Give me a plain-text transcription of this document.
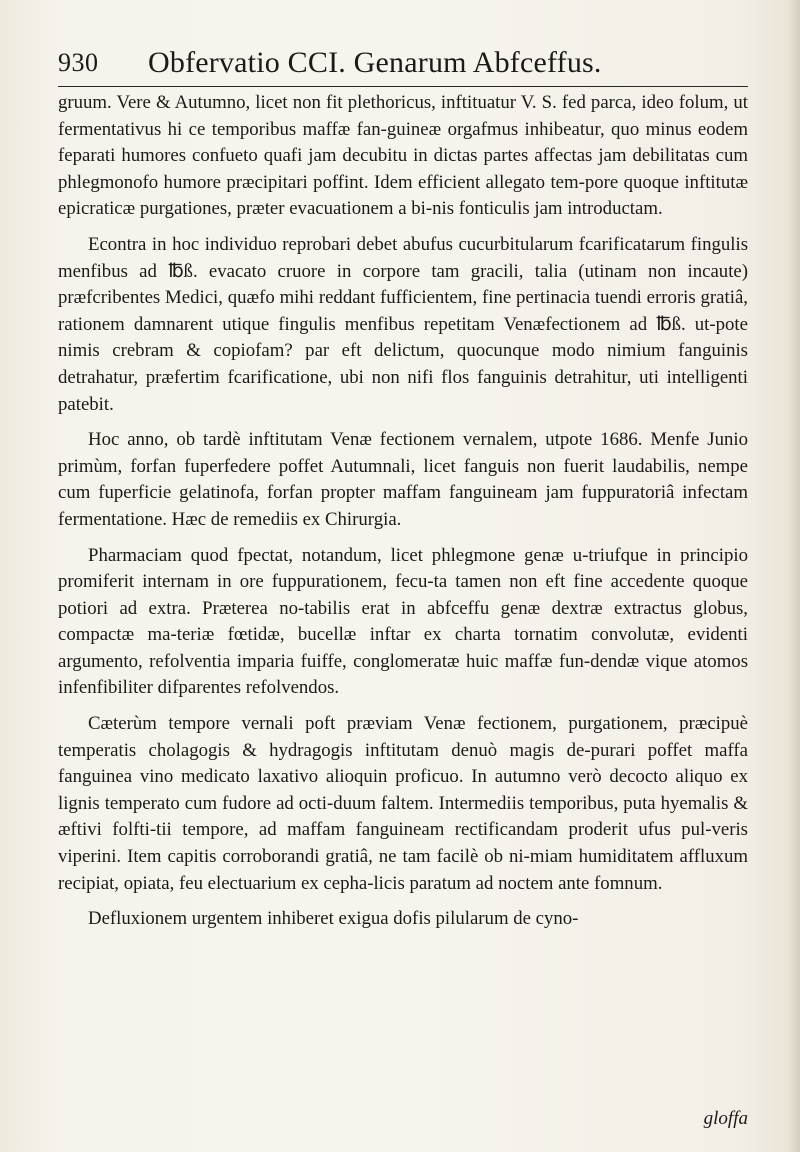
930 Obfervatio CCI. Genarum Abfceffus.

gruum. Vere & Autumno, licet non fit plethoricus, inftituatur V. S. fed parca, ideo folum, ut fermentativus hi ce temporibus maffæ fan-guineæ orgafmus inhibeatur, quo minus eodem feparati humores confueto quafi jam decubitu in dictas partes affectas jam debilitatas cum phlegmonofo humore præcipitari poffint. Idem efficient allegato tem-pore quoque inftitutæ epicraticæ purgationes, præter evacuationem a bi-nis fonticulis jam introductam.

Econtra in hoc individuo reprobari debet abufus cucurbitularum fcarificatarum fingulis menfibus ad ℔ß. evacato cruore in corpore tam gracili, talia (utinam non incaute) præfcribentes Medici, quæfo mihi reddant fufficientem, fine pertinacia tuendi erroris gratiâ, rationem damnarent utique fingulis menfibus repetitam Venæfectionem ad ℔ß. ut-pote nimis crebram & copiofam? par eft delictum, quocunque modo nimium fanguinis detrahatur, præfertim fcarificatione, ubi non nifi flos fanguinis detrahitur, uti intelligenti patebit.

Hoc anno, ob tardè inftitutam Venæ fectionem vernalem, utpote 1686. Menfe Junio primùm, forfan fuperfedere poffet Autumnali, licet fanguis non fuerit laudabilis, nempe cum fuperficie gelatinofa, forfan propter maffam fanguineam jam fuppuratoriâ infectam fermentatione. Hæc de remediis ex Chirurgia.

Pharmaciam quod fpectat, notandum, licet phlegmone genæ u-triufque in principio promiferit internam in ore fuppurationem, fecu-ta tamen non eft fine accedente quoque potiori ad extra. Præterea no-tabilis erat in abfceffu genæ dextræ extractus globus, compactæ ma-teriæ fœtidæ, bucellæ inftar ex charta tornatim convolutæ, evidenti argumento, refolventia imparia fuiffe, conglomeratæ huic maffæ fun-dendæ vique atomos infenfibiliter difparentes refolvendos.

Cæterùm tempore vernali poft præviam Venæ fectionem, purgationem, præcipuè temperatis cholagogis & hydragogis inftitutam denuò magis de-purari poffet maffa fanguinea vino medicato laxativo alioquin proficuo. In autumno verò decocto aliquo ex lignis temperato cum fudore ad octi-duum faltem. Intermediis temporibus, puta hyemalis & æftivi folfti-tii tempore, ad maffam fanguineam rectificandam proderit ufus pul-veris viperini. Item capitis corroborandi gratiâ, ne tam facilè ob ni-miam humiditatem affluxum recipiat, opiata, feu electuarium ex cepha-licis paratum ad noctem ante fomnum.

Defluxionem urgentem inhiberet exigua dofis pilularum de cyno-

gloffa
